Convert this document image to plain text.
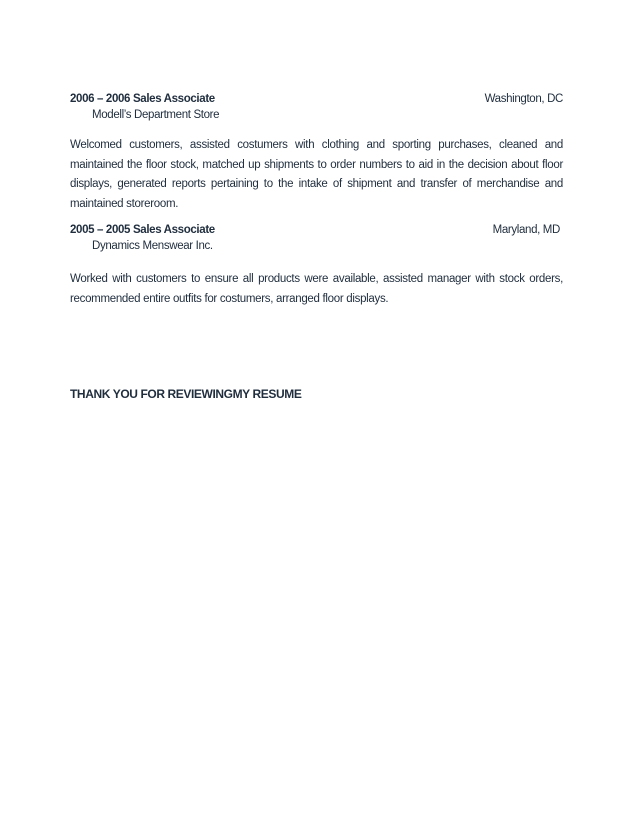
2006 – 2006 Sales Associate	Washington, DC
Modell’s Department Store
Welcomed customers, assisted costumers with clothing and sporting purchases, cleaned and maintained the floor stock, matched up shipments to order numbers to aid in the decision about floor displays, generated reports pertaining to the intake of shipment and transfer of merchandise and maintained storeroom.
2005 – 2005 Sales Associate	Maryland, MD
Dynamics Menswear Inc.
Worked with customers to ensure all products were available, assisted manager with stock orders, recommended entire outfits for costumers, arranged floor displays.
THANK YOU FOR REVIEWINGMY RESUME
